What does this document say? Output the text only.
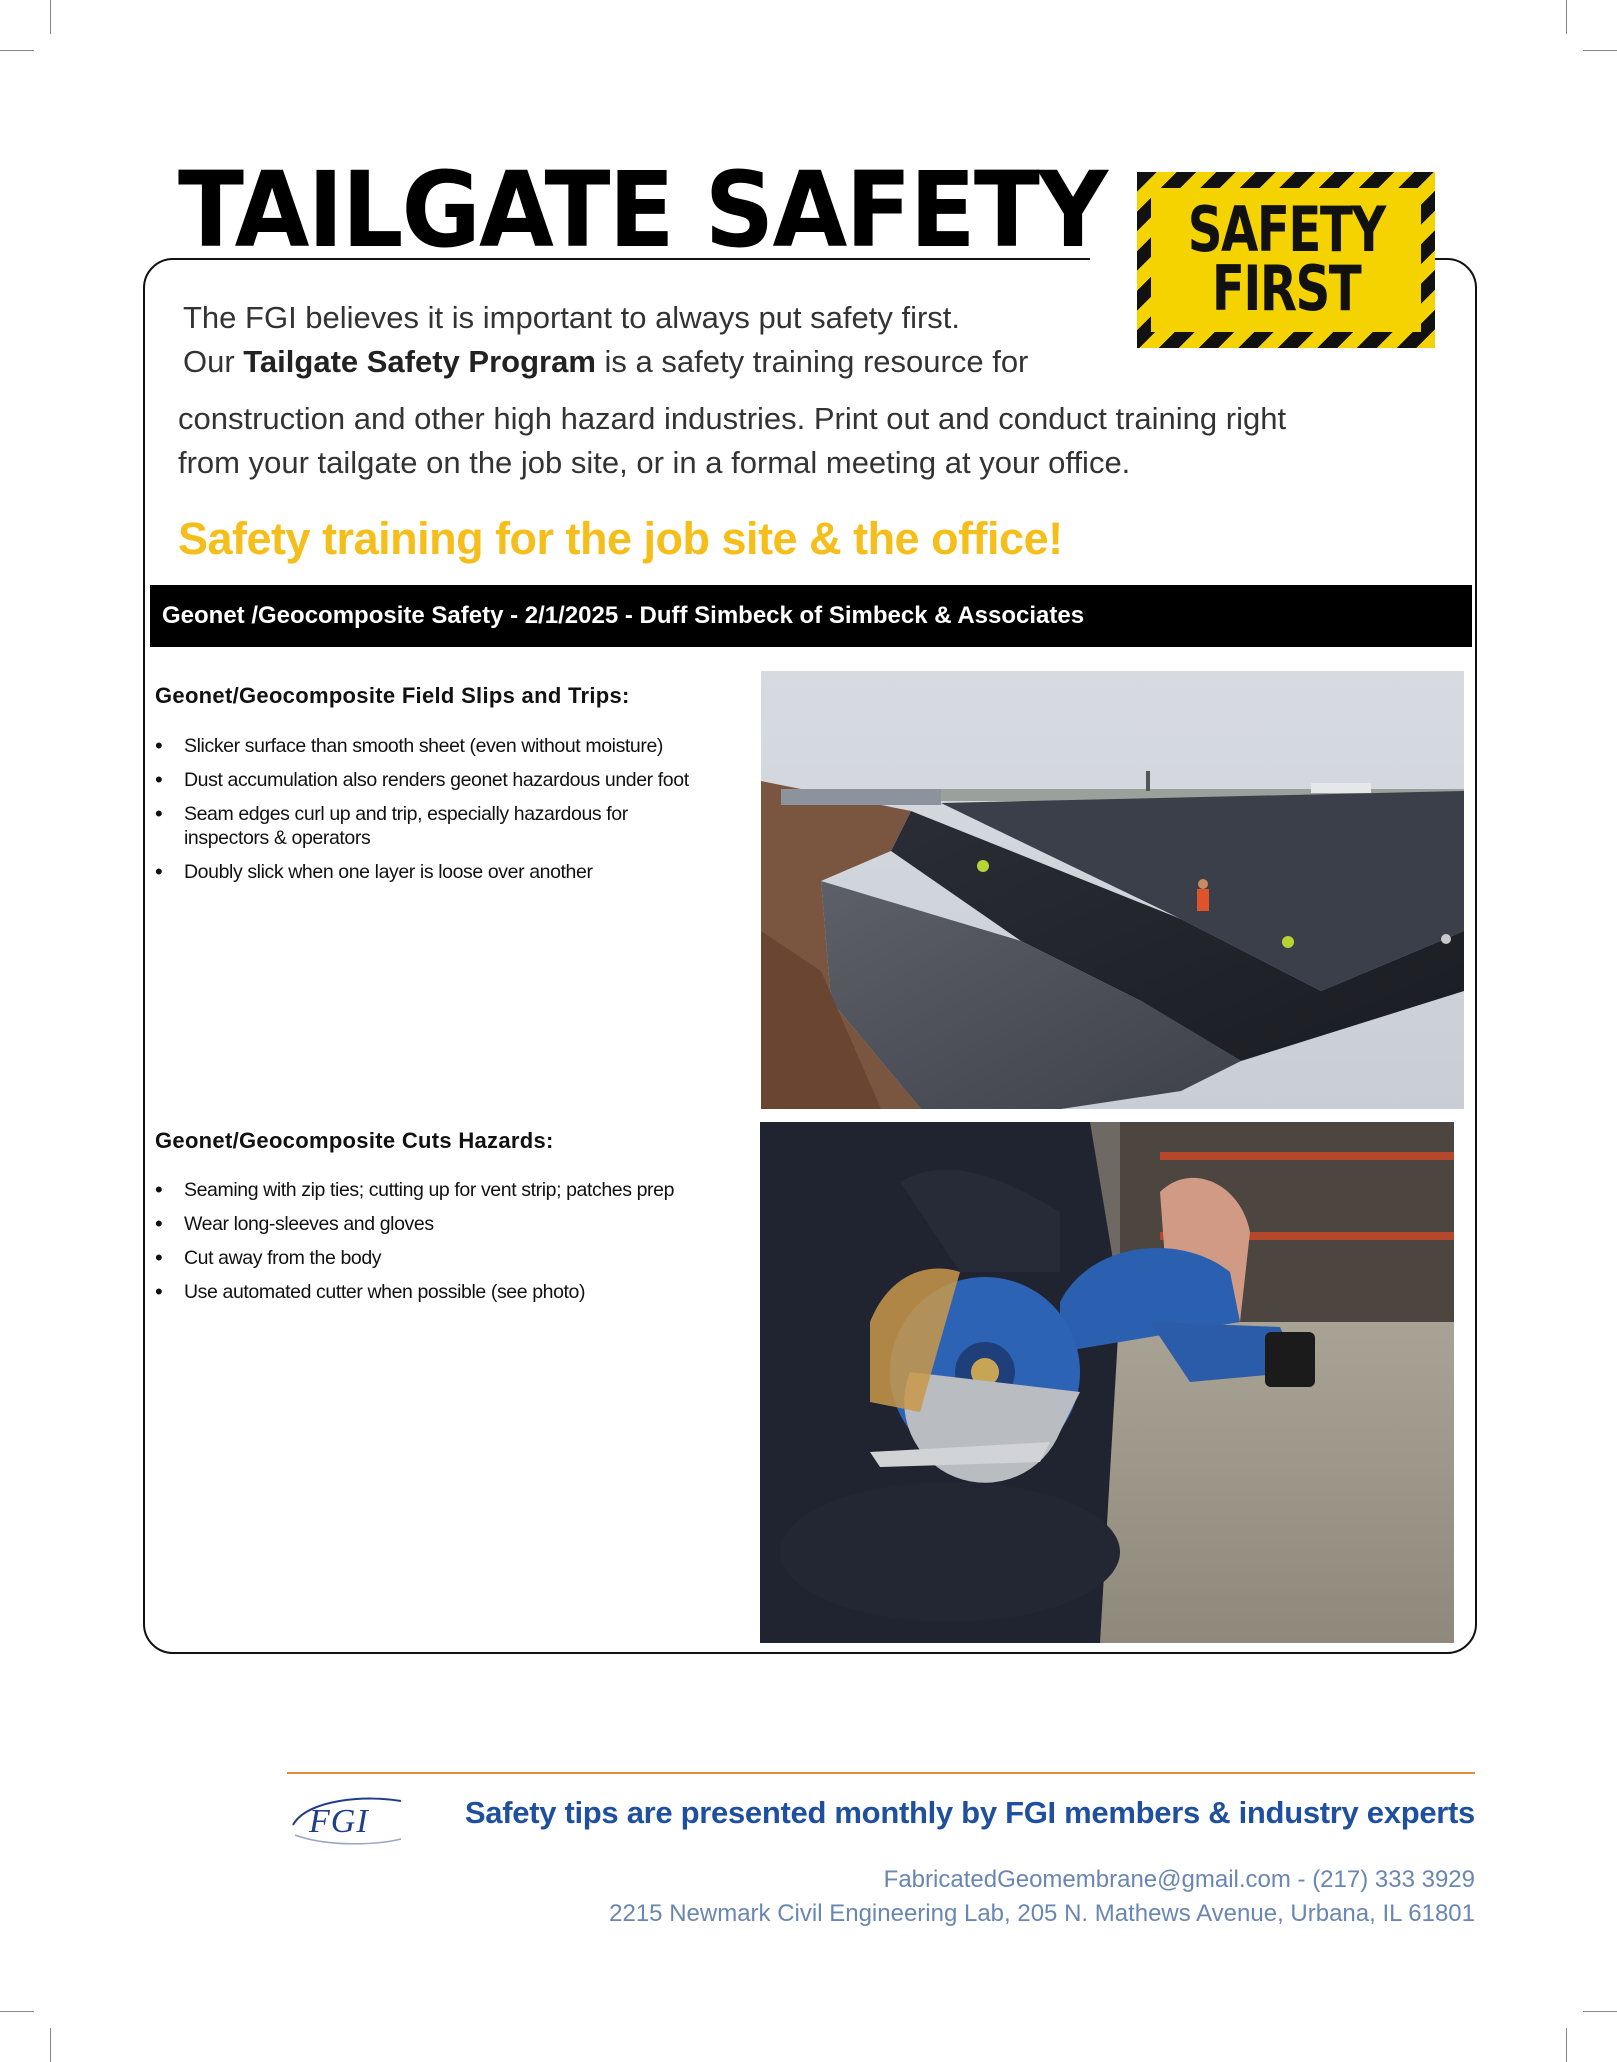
TAILGATE SAFETY SAFETY
FIRST
The FGI believes it is important to always put safety first.
Our Tailgate Safety Program is a safety training resource for
construction and other high hazard industries. Print out and conduct training right
from your tailgate on the job site, or in a formal meeting at your office.
Safety training for the job site & the office!
Geonet /Geocomposite Safety - 2/1/2025 - Duff Simbeck of Simbeck & Associates
Geonet/Geocomposite Field Slips and Trips:
• Slicker surface than smooth sheet (even without moisture)
• Dust accumulation also renders geonet hazardous under foot
• Seam edges curl up and trip, especially hazardous for inspectors & operators
• Doubly slick when one layer is loose over another
Geonet/Geocomposite Cuts Hazards:
• Seaming with zip ties; cutting up for vent strip; patches prep
• Wear long-sleeves and gloves
• Cut away from the body
• Use automated cutter when possible (see photo)
FGI	Safety tips are presented monthly by FGI members & industry experts
FabricatedGeomembrane@gmail.com - (217) 333 3929
2215 Newmark Civil Engineering Lab, 205 N. Mathews Avenue, Urbana, IL 61801
